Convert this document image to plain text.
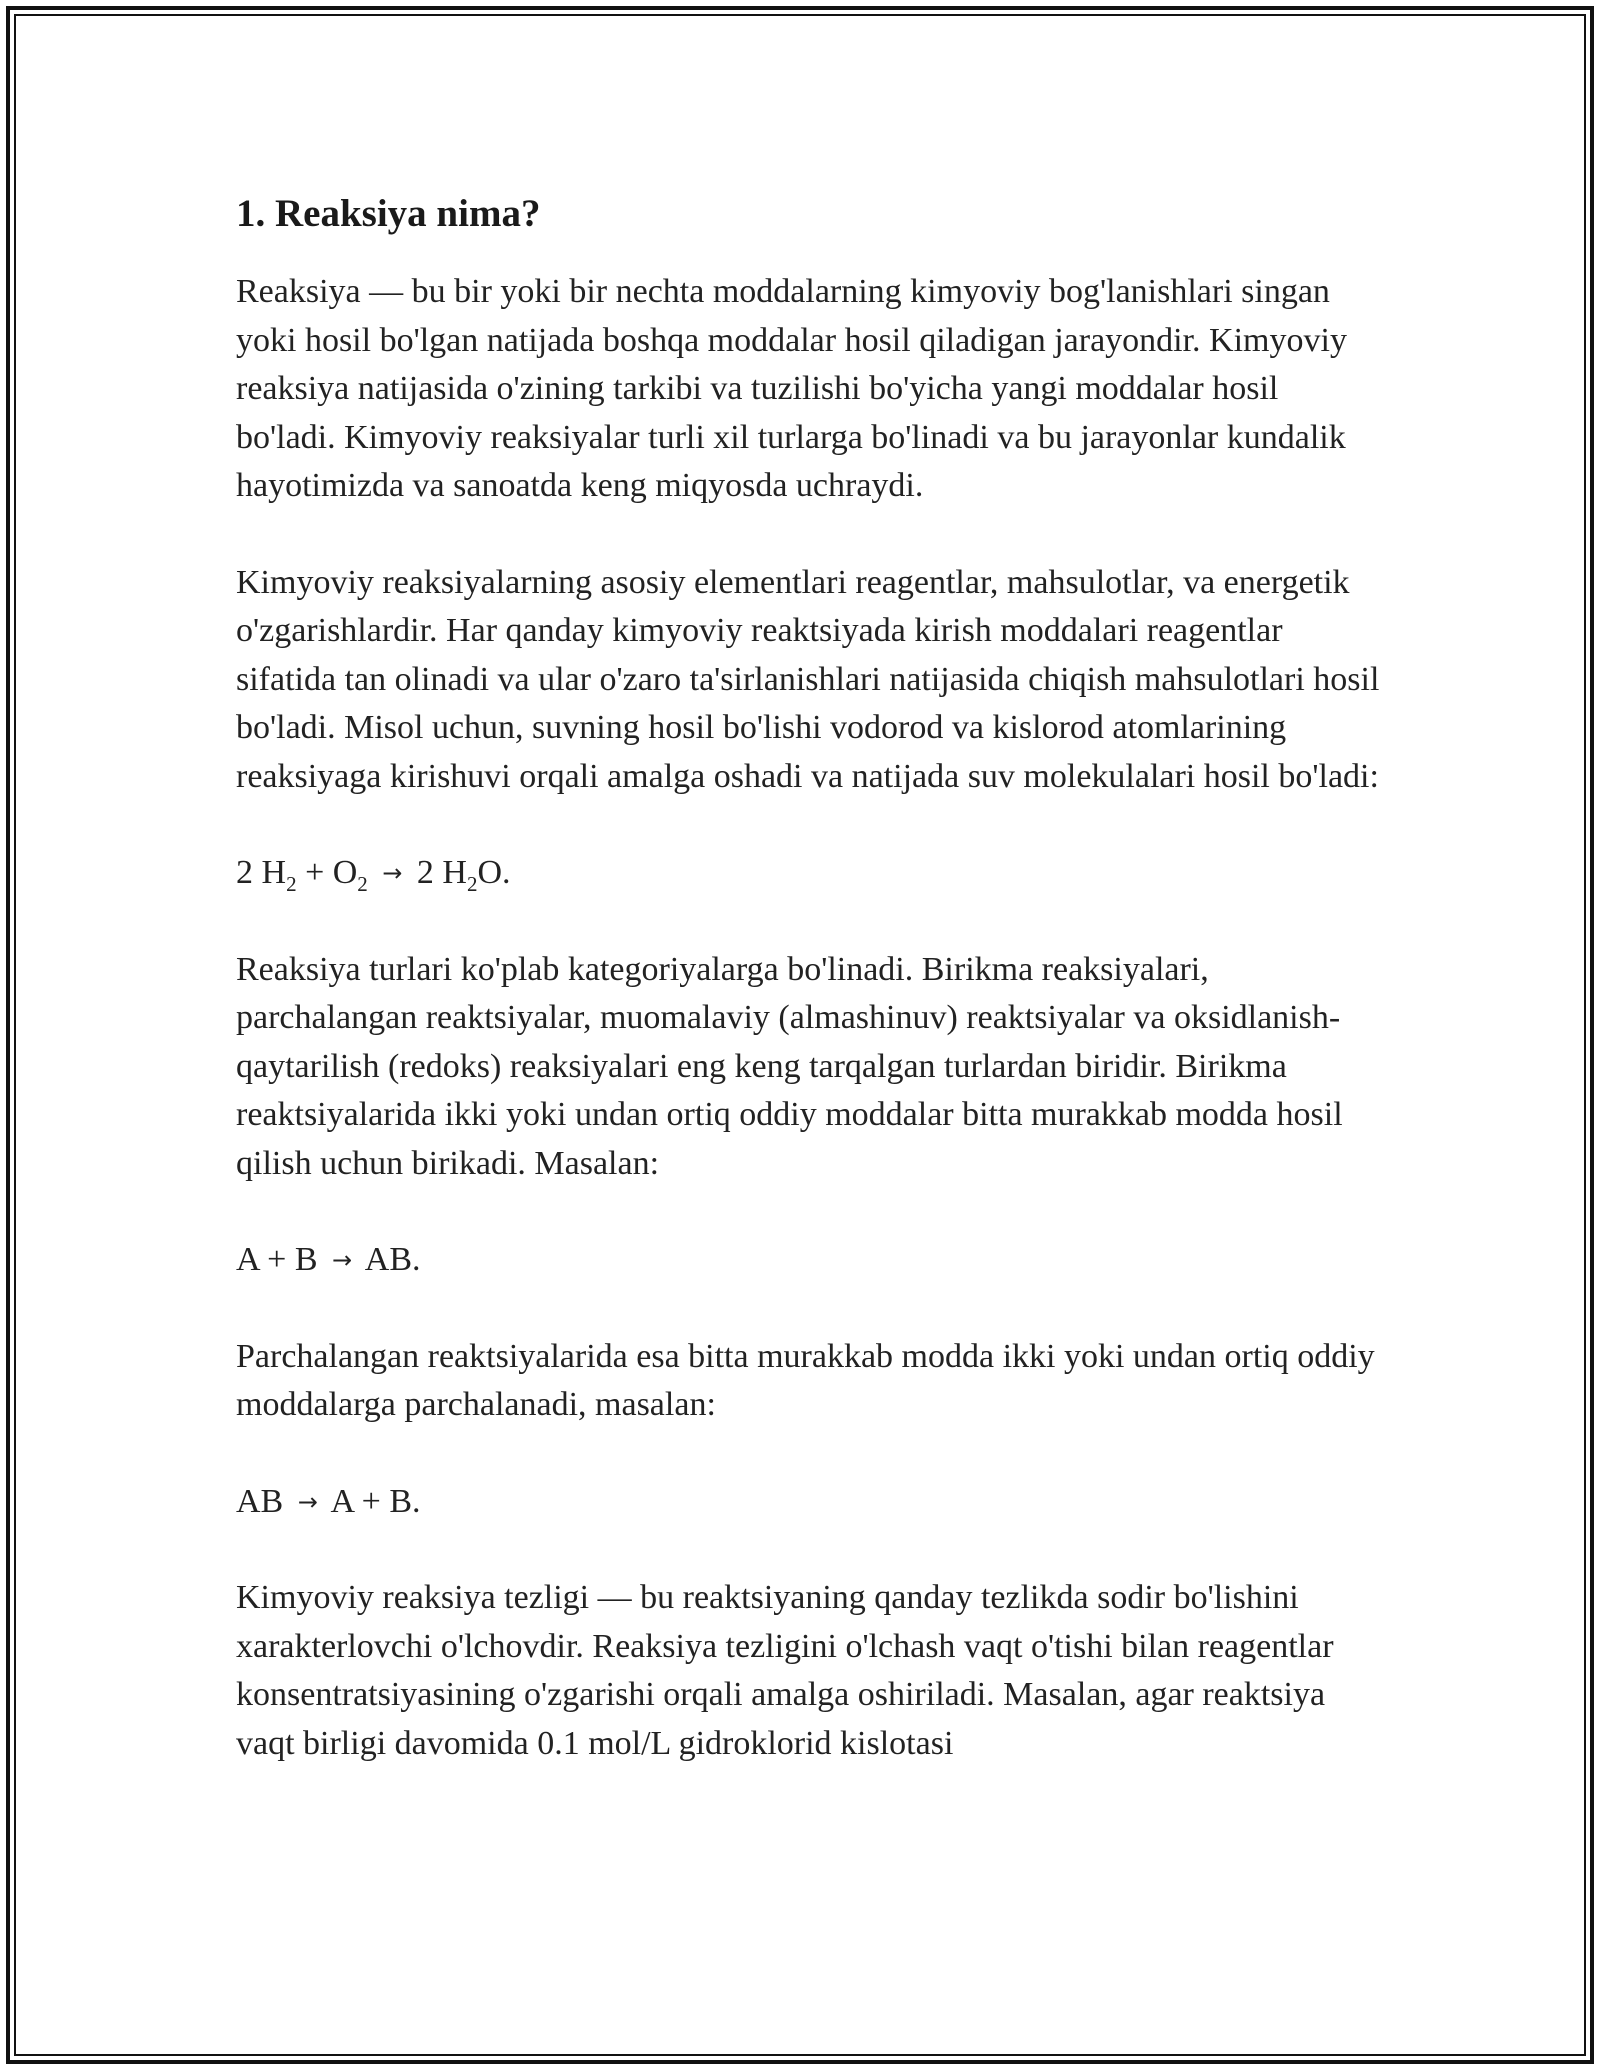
1. Reaksiya nima?

Reaksiya — bu bir yoki bir nechta moddalarning kimyoviy bog'lanishlari singan yoki hosil bo'lgan natijada boshqa moddalar hosil qiladigan jarayondir. Kimyoviy reaksiya natijasida o'zining tarkibi va tuzilishi bo'yicha yangi moddalar hosil bo'ladi. Kimyoviy reaksiyalar turli xil turlarga bo'linadi va bu jarayonlar kundalik hayotimizda va sanoatda keng miqyosda uchraydi.

Kimyoviy reaksiyalarning asosiy elementlari reagentlar, mahsulotlar, va energetik o'zgarishlardir. Har qanday kimyoviy reaktsiyada kirish moddalari reagentlar sifatida tan olinadi va ular o'zaro ta'sirlanishlari natijasida chiqish mahsulotlari hosil bo'ladi. Misol uchun, suvning hosil bo'lishi vodorod va kislorod atomlarining reaksiyaga kirishuvi orqali amalga oshadi va natijada suv molekulalari hosil bo'ladi:

2 $H_2 + O_2 \to 2$ $H_2O$.

Reaksiya turlari ko'plab kategoriyalarga bo'linadi. Birikma reaksiyalari, parchalangan reaktsiyalar, muomalaviy (almashinuv) reaktsiyalar va oksidlanish-qaytarilish (redoks) reaksiyalari eng keng tarqalgan turlardan biridir. Birikma reaktsiyalarida ikki yoki undan ortiq oddiy moddalar bitta murakkab modda hosil qilish uchun birikadi. Masalan:

A + B → AB.

Parchalangan reaktsiyalarida esa bitta murakkab modda ikki yoki undan ortiq oddiy moddalarga parchalanadi, masalan:

AB → A + B.

Kimyoviy reaksiya tezligi — bu reaktsiyaning qanday tezlikda sodir bo'lishini xarakterlovchi o'lchovdir. Reaksiya tezligini o'lchash vaqt o'tishi bilan reagentlar konsentratsiyasining o'zgarishi orqali amalga oshiriladi. Masalan, agar reaktsiya vaqt birligi davomida 0.1 mol/L gidroklorid kislotasi
